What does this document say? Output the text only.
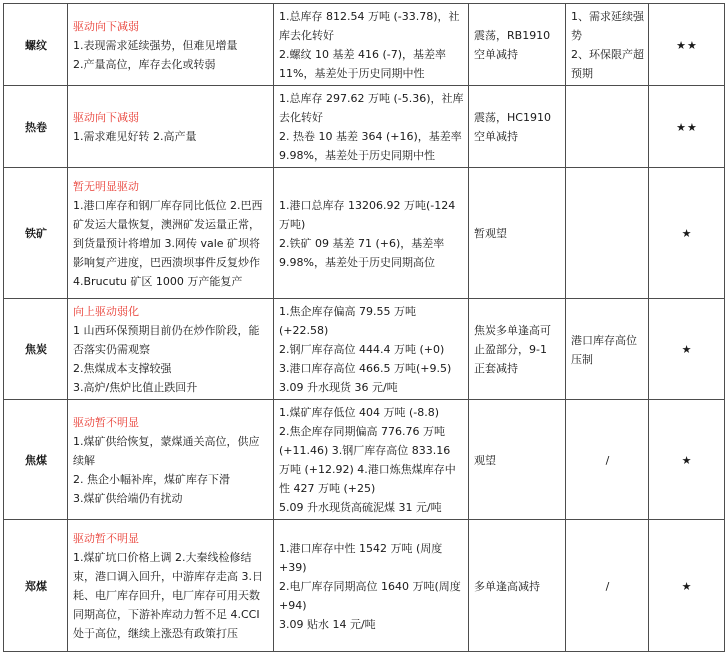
螺纹	驱动向下减弱
1.表现需求延续强势，但难见增量
2.产量高位，库存去化或转弱	1.总库存 812.54 万吨 (-33.78)，社库去化转好
2.螺纹 10 基差 416 (-7)，基差率 11%，基差处于历史同期中性	震荡，RB1910 空单减持	1、需求延续强势
2、环保限产超预期	★★
热卷	驱动向下减弱
1.需求难见好转 2.高产量	1.总库存 297.62 万吨 (-5.36)，社库去化转好
2. 热卷 10 基差 364 (+16)，基差率 9.98%，基差处于历史同期中性	震荡，HC1910 空单减持		★★
铁矿	暂无明显驱动
1.港口库存和钢厂库存同比低位 2.巴西矿发运大量恢复，澳洲矿发运量正常，到货量预计将增加 3.网传 vale 矿坝将影响复产进度，巴西溃坝事件反复炒作
4.Brucutu 矿区 1000 万产能复产	1.港口总库存 13206.92 万吨(-124 万吨)
2.铁矿 09 基差 71 (+6)，基差率 9.98%，基差处于历史同期高位	暂观望		★
焦炭	向上驱动弱化
1 山西环保预期目前仍在炒作阶段，能否落实仍需观察
2.焦煤成本支撑较强
3.高炉/焦炉比值止跌回升	1.焦企库存偏高 79.55 万吨 (+22.58)
2.钢厂库存高位 444.4 万吨 (+0)
3.港口库存高位 466.5 万吨(+9.5)
3.09 升水现货 36 元/吨	焦炭多单逢高可止盈部分，9-1 正套减持	港口库存高位压制	★
焦煤	驱动暂不明显
1.煤矿供给恢复，蒙煤通关高位，供应续解
2. 焦企小幅补库，煤矿库存下滑
3.煤矿供给端仍有扰动	1.煤矿库存低位 404 万吨 (-8.8)
2.焦企库存同期偏高 776.76 万吨 (+11.46) 3.钢厂库存高位 833.16 万吨 (+12.92) 4.港口炼焦煤库存中性 427 万吨 (+25)
5.09 升水现货高硫泥煤 31 元/吨	观望	/	★
郑煤	驱动暂不明显
1.煤矿坑口价格上调 2.大秦线检修结束，港口调入回升，中游库存走高 3.日耗、电厂库存回升，电厂库存可用天数同期高位，下游补库动力暂不足 4.CCI 处于高位，继续上涨恐有政策打压	1.港口库存中性 1542 万吨 (周度+39)
2.电厂库存同期高位 1640 万吨(周度+94)
3.09 贴水 14 元/吨	多单逢高减持	/	★
